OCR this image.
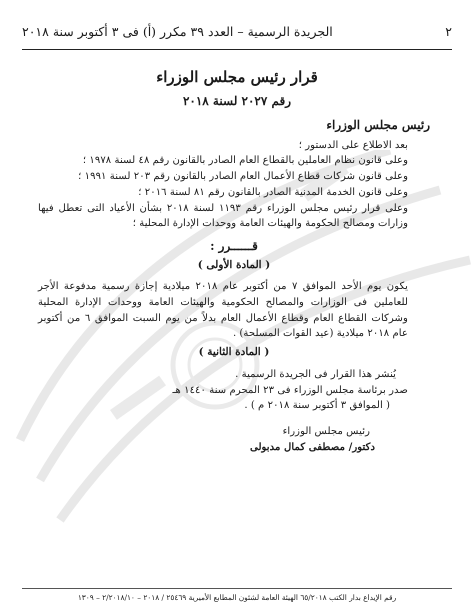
٢
الجريدة الرسمية – العدد ٣٩ مكرر (أ) فى ٣ أكتوبر سنة ٢٠١٨
قرار رئيس مجلس الوزراء
رقم ٢٠٢٧ لسنة ٢٠١٨

رئيس مجلس الوزراء

بعد الاطلاع على الدستور ؛

وعلى قانون نظام العاملين بالقطاع العام الصادر بالقانون رقم ٤٨ لسنة ١٩٧٨ ؛

وعلى قانون شركات قطاع الأعمال العام الصادر بالقانون رقم ٢٠٣ لسنة ١٩٩١ ؛

وعلى قانون الخدمة المدنية الصادر بالقانون رقم ٨١ لسنة ٢٠١٦ ؛

وعلى قرار رئيس مجلس الوزراء رقم ١١٩٣ لسنة ٢٠١٨ بشأن الأعياد التى تعطل فيها وزارات ومصالح الحكومة والهيئات العامة ووحدات الإدارة المحلية ؛

قــــــرر :

( المادة الأولى )

يكون يوم الأحد الموافق ٧ من أكتوبر عام ٢٠١٨ ميلادية إجازة رسمية مدفوعة الأجر للعاملين فى الوزارات والمصالح الحكومية والهيئات العامة ووحدات الإدارة المحلية وشركات القطاع العام وقطاع الأعمال العام بدلاً من يوم السبت الموافق ٦ من أكتوبر عام ٢٠١٨ ميلادية (عيد القوات المسلحة) .

( المادة الثانية )

يُنشر هذا القرار فى الجريدة الرسمية .

صدر برئاسة مجلس الوزراء فى ٢٣ المحرم سنة ١٤٤٠ هـ

( الموافق ٣ أكتوبر سنة ٢٠١٨ م ) .

رئيس مجلس الوزراء

دكتور/ مصطفى كمال مدبولى

رقم الإيداع بدار الكتب ٦٥/٢٠١٨ الهيئة العامة لشئون المطابع الأميرية ٢٥٤٦٩ / ٢٠١٨ – ٢/٢٠١٨/١٠ – ١٣٠٩
